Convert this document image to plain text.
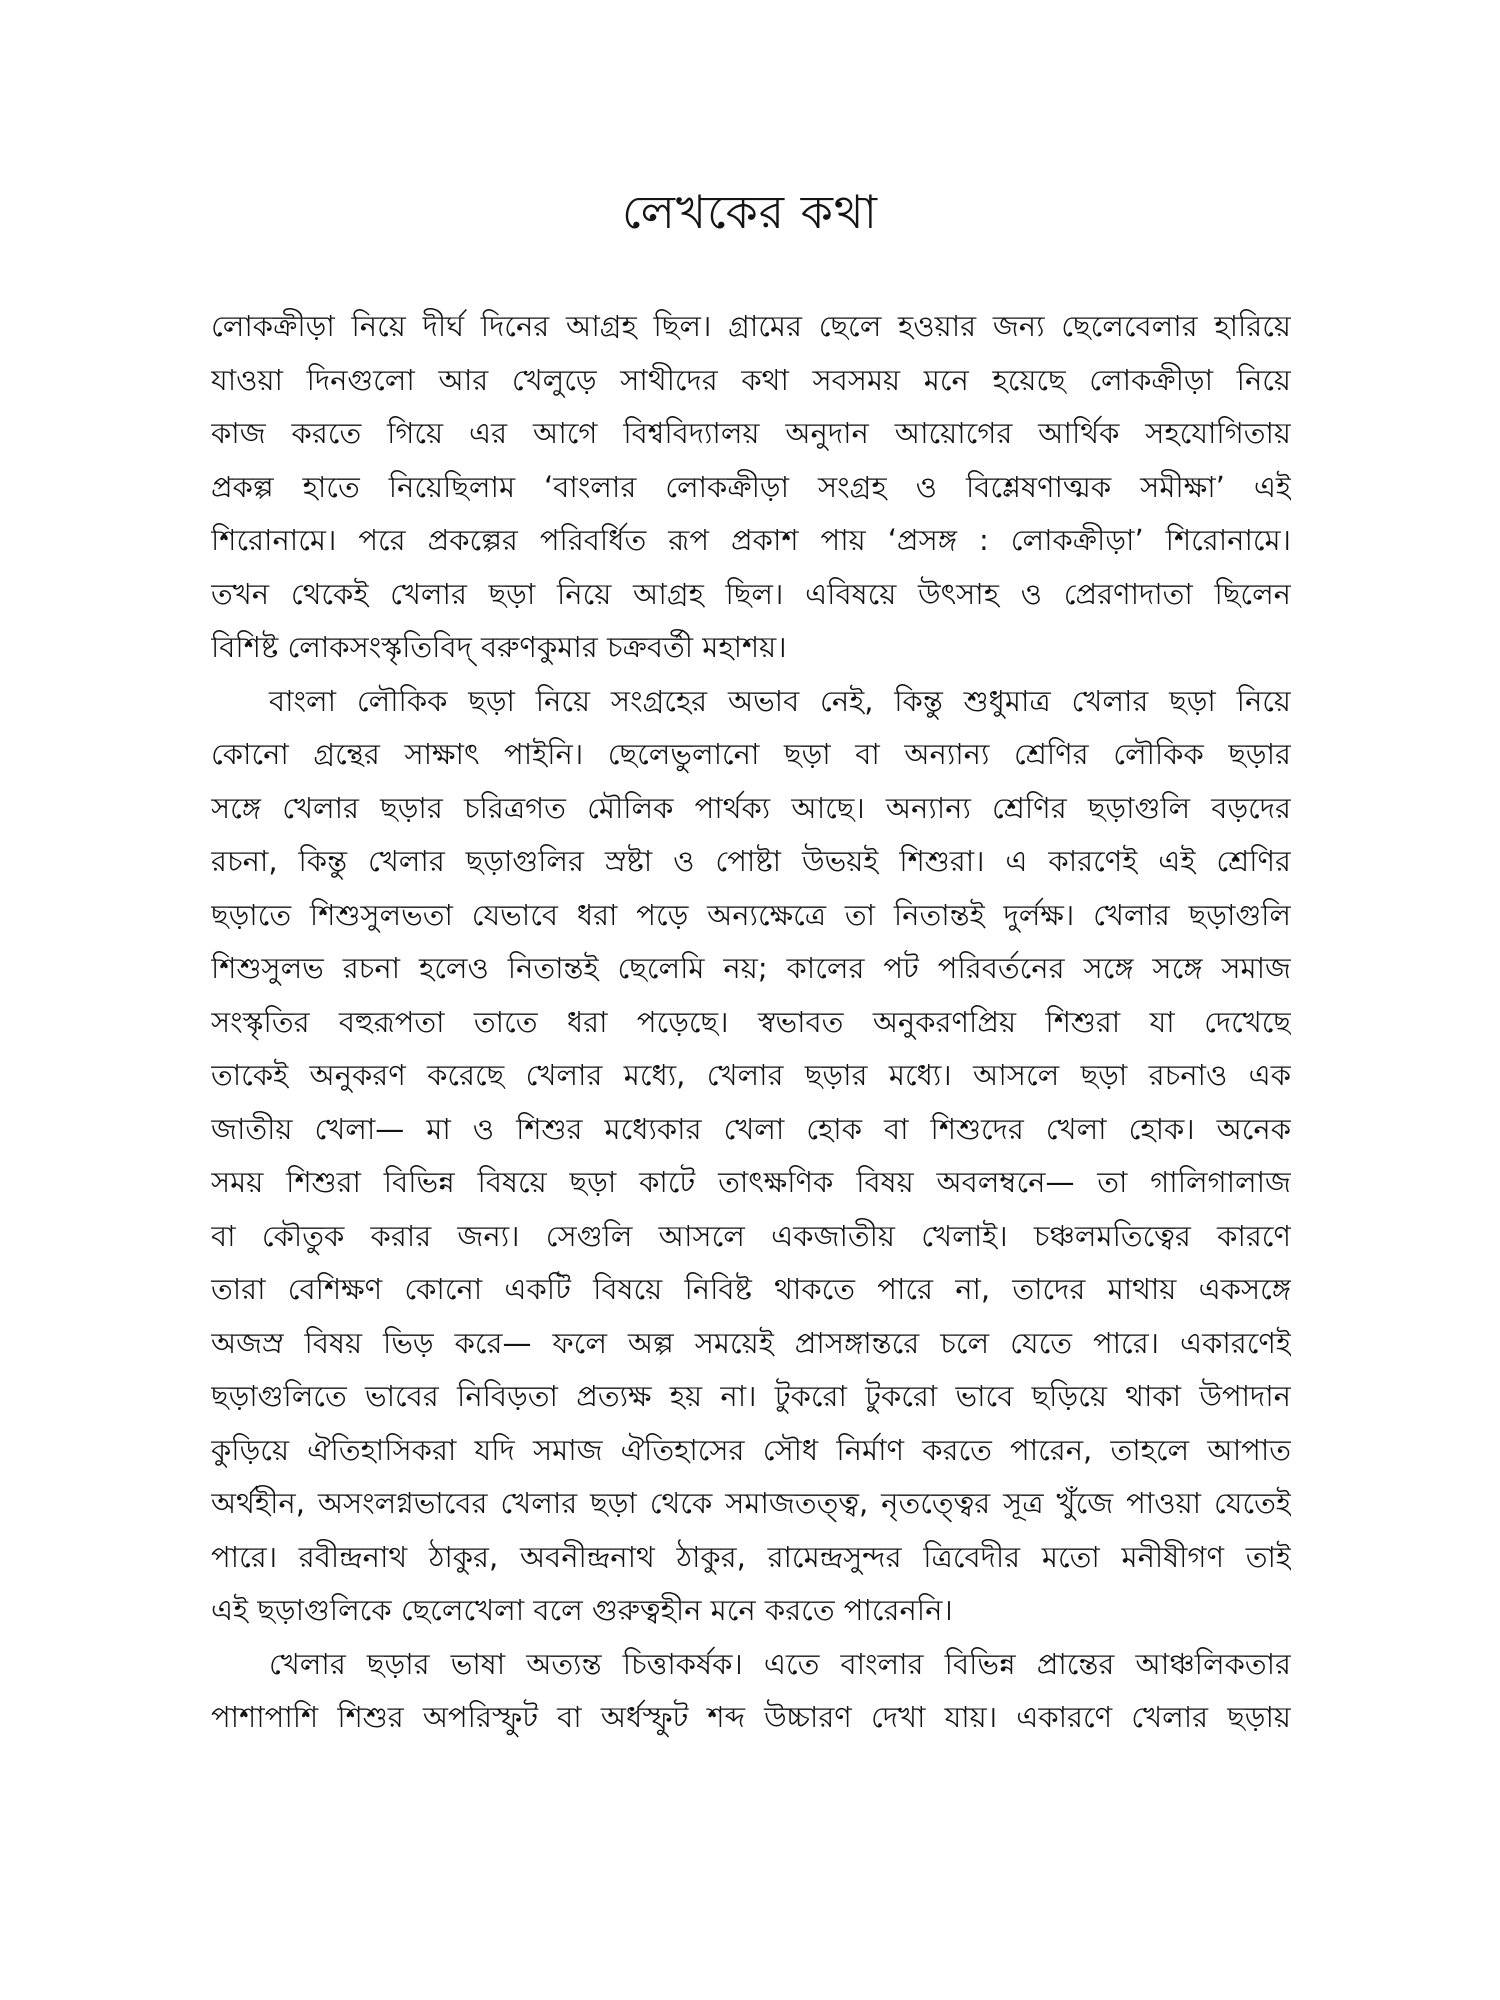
লেখকের কথা
লোকক্রীড়া নিয়ে দীর্ঘ দিনের আগ্রহ ছিল। গ্রামের ছেলে হওয়ার জন্য ছেলেবেলার হারিয়ে
যাওয়া দিনগুলো আর খেলুড়ে সাথীদের কথা সবসময় মনে হয়েছে লোকক্রীড়া নিয়ে
কাজ করতে গিয়ে এর আগে বিশ্ববিদ্যালয় অনুদান আয়োগের আর্থিক সহযোগিতায়
প্রকল্প হাতে নিয়েছিলাম ‘বাংলার লোকক্রীড়া সংগ্রহ ও বিশ্লেষণাত্মক সমীক্ষা’ এই
শিরোনামে। পরে প্রকল্পের পরিবর্ধিত রূপ প্রকাশ পায় ‘প্রসঙ্গ : লোকক্রীড়া’ শিরোনামে।
তখন থেকেই খেলার ছড়া নিয়ে আগ্রহ ছিল। এবিষয়ে উৎসাহ ও প্রেরণাদাতা ছিলেন
বিশিষ্ট লোকসংস্কৃতিবিদ্ বরুণকুমার চক্রবর্তী মহাশয়।
বাংলা লৌকিক ছড়া নিয়ে সংগ্রহের অভাব নেই, কিন্তু শুধুমাত্র খেলার ছড়া নিয়ে
কোনো গ্রন্থের সাক্ষাৎ পাইনি। ছেলেভুলানো ছড়া বা অন্যান্য শ্রেণির লৌকিক ছড়ার
সঙ্গে খেলার ছড়ার চরিত্রগত মৌলিক পার্থক্য আছে। অন্যান্য শ্রেণির ছড়াগুলি বড়দের
রচনা, কিন্তু খেলার ছড়াগুলির স্রষ্টা ও পোষ্টা উভয়ই শিশুরা। এ কারণেই এই শ্রেণির
ছড়াতে শিশুসুলভতা যেভাবে ধরা পড়ে অন্যক্ষেত্রে তা নিতান্তই দুর্লক্ষ। খেলার ছড়াগুলি
শিশুসুলভ রচনা হলেও নিতান্তই ছেলেমি নয়; কালের পট পরিবর্তনের সঙ্গে সঙ্গে সমাজ
সংস্কৃতির বহুরূপতা তাতে ধরা পড়েছে। স্বভাবত অনুকরণপ্রিয় শিশুরা যা দেখেছে
তাকেই অনুকরণ করেছে খেলার মধ্যে, খেলার ছড়ার মধ্যে। আসলে ছড়া রচনাও এক
জাতীয় খেলা— মা ও শিশুর মধ্যেকার খেলা হোক বা শিশুদের খেলা হোক। অনেক
সময় শিশুরা বিভিন্ন বিষয়ে ছড়া কাটে তাৎক্ষণিক বিষয় অবলম্বনে— তা গালিগালাজ
বা কৌতুক করার জন্য। সেগুলি আসলে একজাতীয় খেলাই। চঞ্চলমতিত্বের কারণে
তারা বেশিক্ষণ কোনো একটি বিষয়ে নিবিষ্ট থাকতে পারে না, তাদের মাথায় একসঙ্গে
অজস্র বিষয় ভিড় করে— ফলে অল্প সময়েই প্রাসঙ্গান্তরে চলে যেতে পারে। একারণেই
ছড়াগুলিতে ভাবের নিবিড়তা প্রত্যক্ষ হয় না। টুকরো টুকরো ভাবে ছড়িয়ে থাকা উপাদান
কুড়িয়ে ঐতিহাসিকরা যদি সমাজ ঐতিহাসের সৌধ নির্মাণ করতে পারেন, তাহলে আপাত
অর্থহীন, অসংলগ্নভাবের খেলার ছড়া থেকে সমাজতত্ত্ব, নৃতত্ত্বের সূত্র খুঁজে পাওয়া যেতেই
পারে। রবীন্দ্রনাথ ঠাকুর, অবনীন্দ্রনাথ ঠাকুর, রামেন্দ্রসুন্দর ত্রিবেদীর মতো মনীষীগণ তাই
এই ছড়াগুলিকে ছেলেখেলা বলে গুরুত্বহীন মনে করতে পারেননি।
খেলার ছড়ার ভাষা অত্যন্ত চিত্তাকর্ষক। এতে বাংলার বিভিন্ন প্রান্তের আঞ্চলিকতার
পাশাপাশি শিশুর অপরিস্ফুট বা অর্ধস্ফুট শব্দ উচ্চারণ দেখা যায়। একারণে খেলার ছড়ায়
